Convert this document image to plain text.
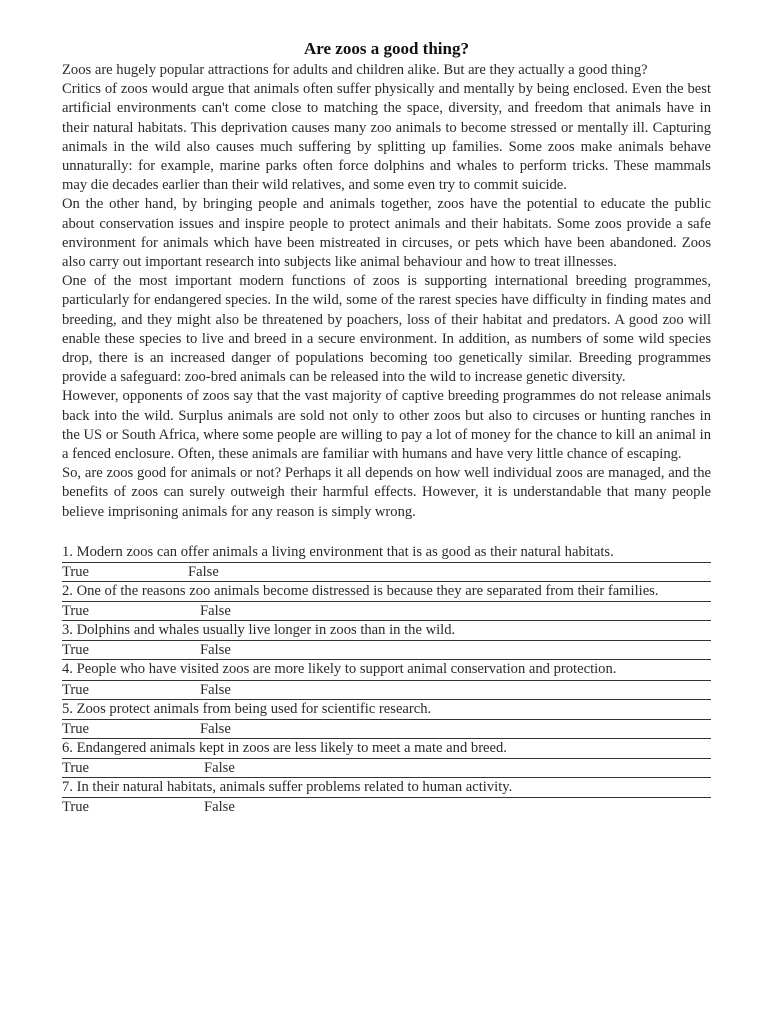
Are zoos a good thing?

Zoos are hugely popular attractions for adults and children alike. But are they actually a good thing?

Critics of zoos would argue that animals often suffer physically and mentally by being enclosed. Even the best artificial environments can't come close to matching the space, diversity, and freedom that animals have in their natural habitats. This deprivation causes many zoo animals to become stressed or mentally ill. Capturing animals in the wild also causes much suffering by splitting up families. Some zoos make animals behave unnaturally: for example, marine parks often force dolphins and whales to perform tricks. These mammals may die decades earlier than their wild relatives, and some even try to commit suicide.

On the other hand, by bringing people and animals together, zoos have the potential to educate the public about conservation issues and inspire people to protect animals and their habitats. Some zoos provide a safe environment for animals which have been mistreated in circuses, or pets which have been abandoned. Zoos also carry out important research into subjects like animal behaviour and how to treat illnesses.

One of the most important modern functions of zoos is supporting international breeding programmes, particularly for endangered species. In the wild, some of the rarest species have difficulty in finding mates and breeding, and they might also be threatened by poachers, loss of their habitat and predators. A good zoo will enable these species to live and breed in a secure environment. In addition, as numbers of some wild species drop, there is an increased danger of populations becoming too genetically similar. Breeding programmes provide a safeguard: zoo-bred animals can be released into the wild to increase genetic diversity.

However, opponents of zoos say that the vast majority of captive breeding programmes do not release animals back into the wild. Surplus animals are sold not only to other zoos but also to circuses or hunting ranches in the US or South Africa, where some people are willing to pay a lot of money for the chance to kill an animal in a fenced enclosure. Often, these animals are familiar with humans and have very little chance of escaping.

So, are zoos good for animals or not? Perhaps it all depends on how well individual zoos are managed, and the benefits of zoos can surely outweigh their harmful effects. However, it is understandable that many people believe imprisoning animals for any reason is simply wrong.

1. Modern zoos can offer animals a living environment that is as good as their natural habitats.

True	False

2. One of the reasons zoo animals become distressed is because they are separated from their families.

True	False

3. Dolphins and whales usually live longer in zoos than in the wild.

True	False

4. People who have visited zoos are more likely to support animal conservation and protection.

True	False

5. Zoos protect animals from being used for scientific research.

True	False

6. Endangered animals kept in zoos are less likely to meet a mate and breed.

True	False

7. In their natural habitats, animals suffer problems related to human activity.

True	False
